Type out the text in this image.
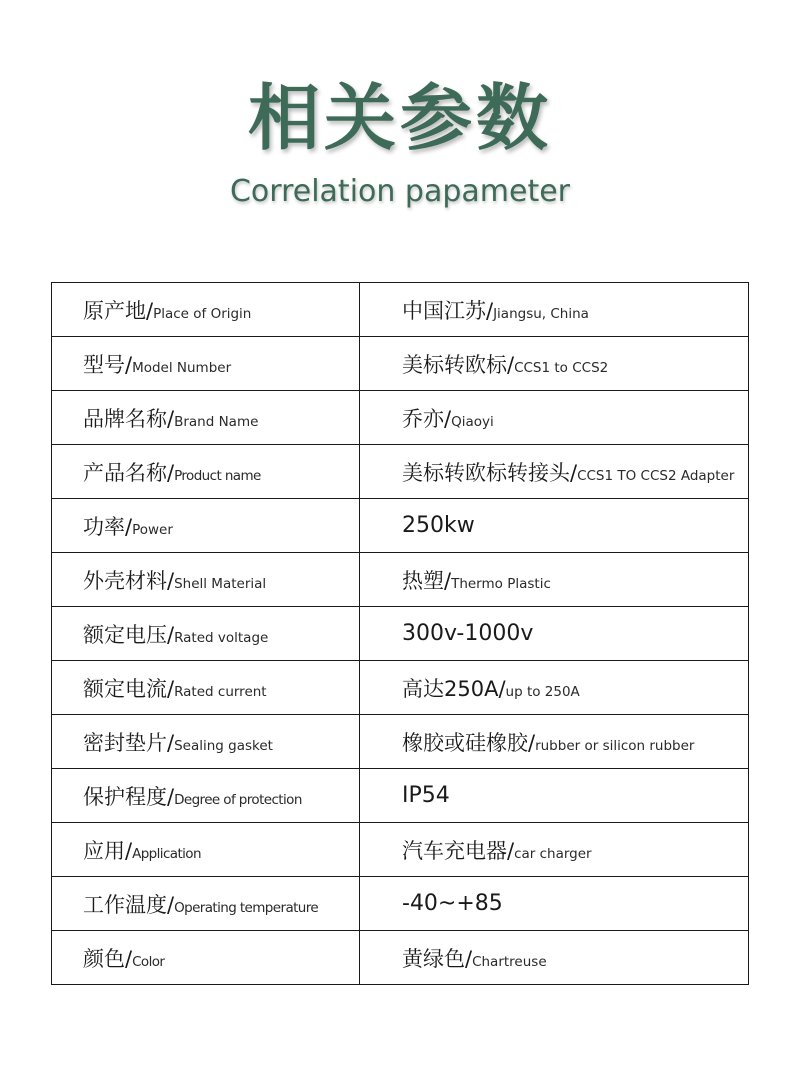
相关参数
Correlation papameter
原产地/Place of Origin	中国江苏/Jiangsu, China
型号/Model Number	美标转欧标/CCS1 to CCS2
品牌名称/Brand Name	乔亦/Qiaoyi
产品名称/Product name	美标转欧标转接头/CCS1 TO CCS2 Adapter
功率/Power	250kw
外壳材料/Shell Material	热塑/Thermo Plastic
额定电压/Rated voltage	300v-1000v
额定电流/Rated current	高达250A/up to 250A
密封垫片/Sealing gasket	橡胶或硅橡胶/rubber or silicon rubber
保护程度/Degree of protection	IP54
应用/Application	汽车充电器/car charger
工作温度/Operating temperature	-40~+85
颜色/Color	黄绿色/Chartreuse
